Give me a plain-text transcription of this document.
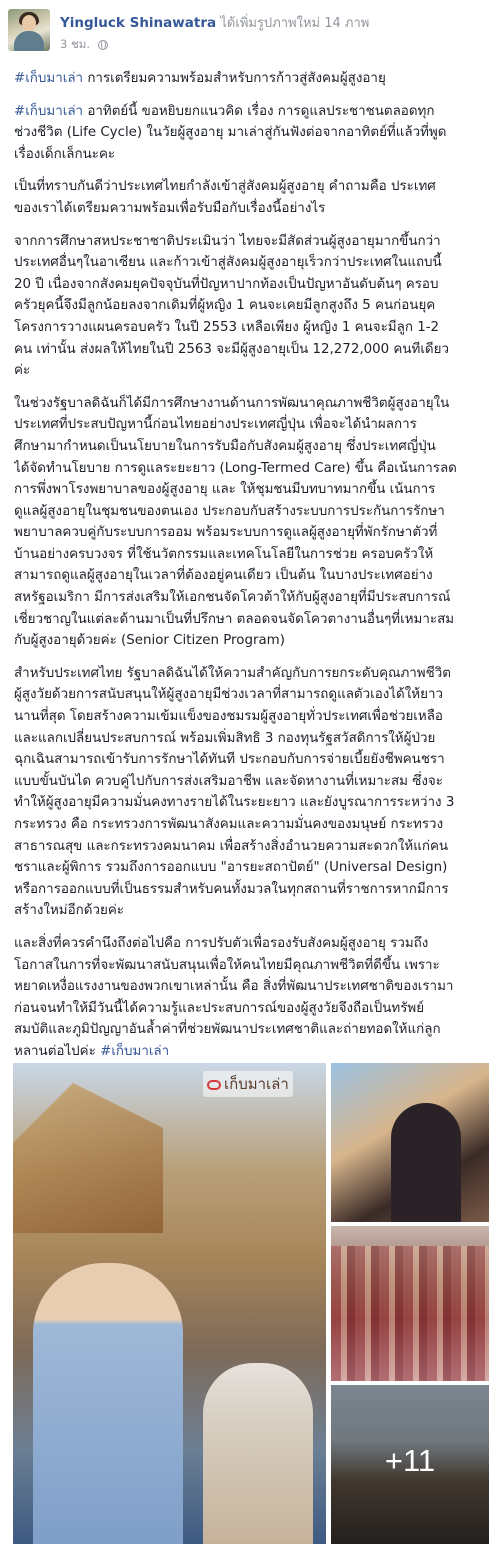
Yingluck Shinawatra ได้เพิ่มรูปภาพใหม่ 14 ภาพ
3 ชม.
#เก็บมาเล่า การเตรียมความพร้อมสำหรับการก้าวสู่สังคมผู้สูงอายุ
#เก็บมาเล่า อาทิตย์นี้ ขอหยิบยกแนวคิด เรื่อง การดูแลประชาชนตลอดทุก
ช่วงชีวิต (Life Cycle) ในวัยผู้สูงอายุ มาเล่าสู่กันฟังต่อจากอาทิตย์ที่แล้วที่พูด
เรื่องเด็กเล็กนะคะ
เป็นที่ทราบกันดีว่าประเทศไทยกำลังเข้าสู่สังคมผู้สูงอายุ คำถามคือ ประเทศ
ของเราได้เตรียมความพร้อมเพื่อรับมือกับเรื่องนี้อย่างไร
จากการศึกษาสหประชาชาติประเมินว่า ไทยจะมีสัดส่วนผู้สูงอายุมากขึ้นกว่า
ประเทศอื่นๆในอาเซียน และก้าวเข้าสู่สังคมผู้สูงอายุเร็วกว่าประเทศในแถบนี้
20 ปี เนื่องจากสังคมยุคปัจจุบันที่ปัญหาปากท้องเป็นปัญหาอันดับต้นๆ ครอบ
ครัวยุคนี้จึงมีลูกน้อยลงจากเดิมที่ผู้หญิง 1 คนจะเคยมีลูกสูงถึง 5 คนก่อนยุค
โครงการวางแผนครอบครัว ในปี 2553 เหลือเพียง ผู้หญิง 1 คนจะมีลูก 1-2
คน เท่านั้น ส่งผลให้ไทยในปี 2563 จะมีผู้สูงอายุเป็น 12,272,000 คนทีเดียว
ค่ะ
ในช่วงรัฐบาลดิฉันก็ได้มีการศึกษางานด้านการพัฒนาคุณภาพชีวิตผู้สูงอายุใน
ประเทศที่ประสบปัญหานี้ก่อนไทยอย่างประเทศญี่ปุ่น เพื่อจะได้นำผลการ
ศึกษามากำหนดเป็นนโยบายในการรับมือกับสังคมผู้สูงอายุ ซึ่งประเทศญี่ปุ่น
ได้จัดทำนโยบาย การดูแลระยะยาว (Long-Termed Care) ขึ้น คือเน้นการลด
การพึ่งพาโรงพยาบาลของผู้สูงอายุ และ ให้ชุมชนมีบทบาทมากขึ้น เน้นการ
ดูแลผู้สูงอายุในชุมชนของตนเอง ประกอบกับสร้างระบบการประกันการรักษา
พยาบาลควบคู่กับระบบการออม พร้อมระบบการดูแลผู้สูงอายุที่พักรักษาตัวที่
บ้านอย่างครบวงจร ที่ใช้นวัตกรรมและเทคโนโลยีในการช่วย ครอบครัวให้
สามารถดูแลผู้สูงอายุในเวลาที่ต้องอยู่คนเดียว เป็นต้น ในบางประเทศอย่าง
สหรัฐอเมริกา มีการส่งเสริมให้เอกชนจัดโควต้าให้กับผู้สูงอายุที่มีประสบการณ์
เชี่ยวชาญในแต่ละด้านมาเป็นที่ปรึกษา ตลอดจนจัดโควตางานอื่นๆที่เหมาะสม
กับผู้สูงอายุด้วยค่ะ (Senior Citizen Program)
สำหรับประเทศไทย รัฐบาลดิฉันได้ให้ความสำคัญกับการยกระดับคุณภาพชีวิต
ผู้สูงวัยด้วยการสนับสนุนให้ผู้สูงอายุมีช่วงเวลาที่สามารถดูแลตัวเองได้ให้ยาว
นานที่สุด โดยสร้างความเข้มแข็งของชมรมผู้สูงอายุทั่วประเทศเพื่อช่วยเหลือ
และแลกเปลี่ยนประสบการณ์ พร้อมเพิ่มสิทธิ 3 กองทุนรัฐสวัสดิการให้ผู้ป่วย
ฉุกเฉินสามารถเข้ารับการรักษาได้ทันที ประกอบกับการจ่ายเบี้ยยังชีพคนชรา
แบบขั้นบันได ควบคู่ไปกับการส่งเสริมอาชีพ และจัดหางานที่เหมาะสม ซึ่งจะ
ทำให้ผู้สูงอายุมีความมั่นคงทางรายได้ในระยะยาว และยังบูรณาการระหว่าง 3
กระทรวง คือ กระทรวงการพัฒนาสังคมและความมั่นคงของมนุษย์ กระทรวง
สาธารณสุข และกระทรวงคมนาคม เพื่อสร้างสิ่งอำนวยความสะดวกให้แก่คน
ชราและผู้พิการ รวมถึงการออกแบบ "อารยะสถาปัตย์" (Universal Design)
หรือการออกแบบที่เป็นธรรมสำหรับคนทั้งมวลในทุกสถานที่ราชการหากมีการ
สร้างใหม่อีกด้วยค่ะ
และสิ่งที่ควรคำนึงถึงต่อไปคือ การปรับตัวเพื่อรองรับสังคมผู้สูงอายุ รวมถึง
โอกาสในการที่จะพัฒนาสนับสนุนเพื่อให้คนไทยมีคุณภาพชีวิตที่ดีขึ้น เพราะ
หยาดเหงื่อแรงงานของพวกเขาเหล่านั้น คือ สิ่งที่พัฒนาประเทศชาติของเรามา
ก่อนจนทำให้มีวันนี้ได้ความรู้และประสบการณ์ของผู้สูงวัยจึงถือเป็นทรัพย์
สมบัติและภูมิปัญญาอันล้ำค่าที่ช่วยพัฒนาประเทศชาติและถ่ายทอดให้แก่ลูก
หลานต่อไปค่ะ #เก็บมาเล่า
เก็บมาเล่า
+11
